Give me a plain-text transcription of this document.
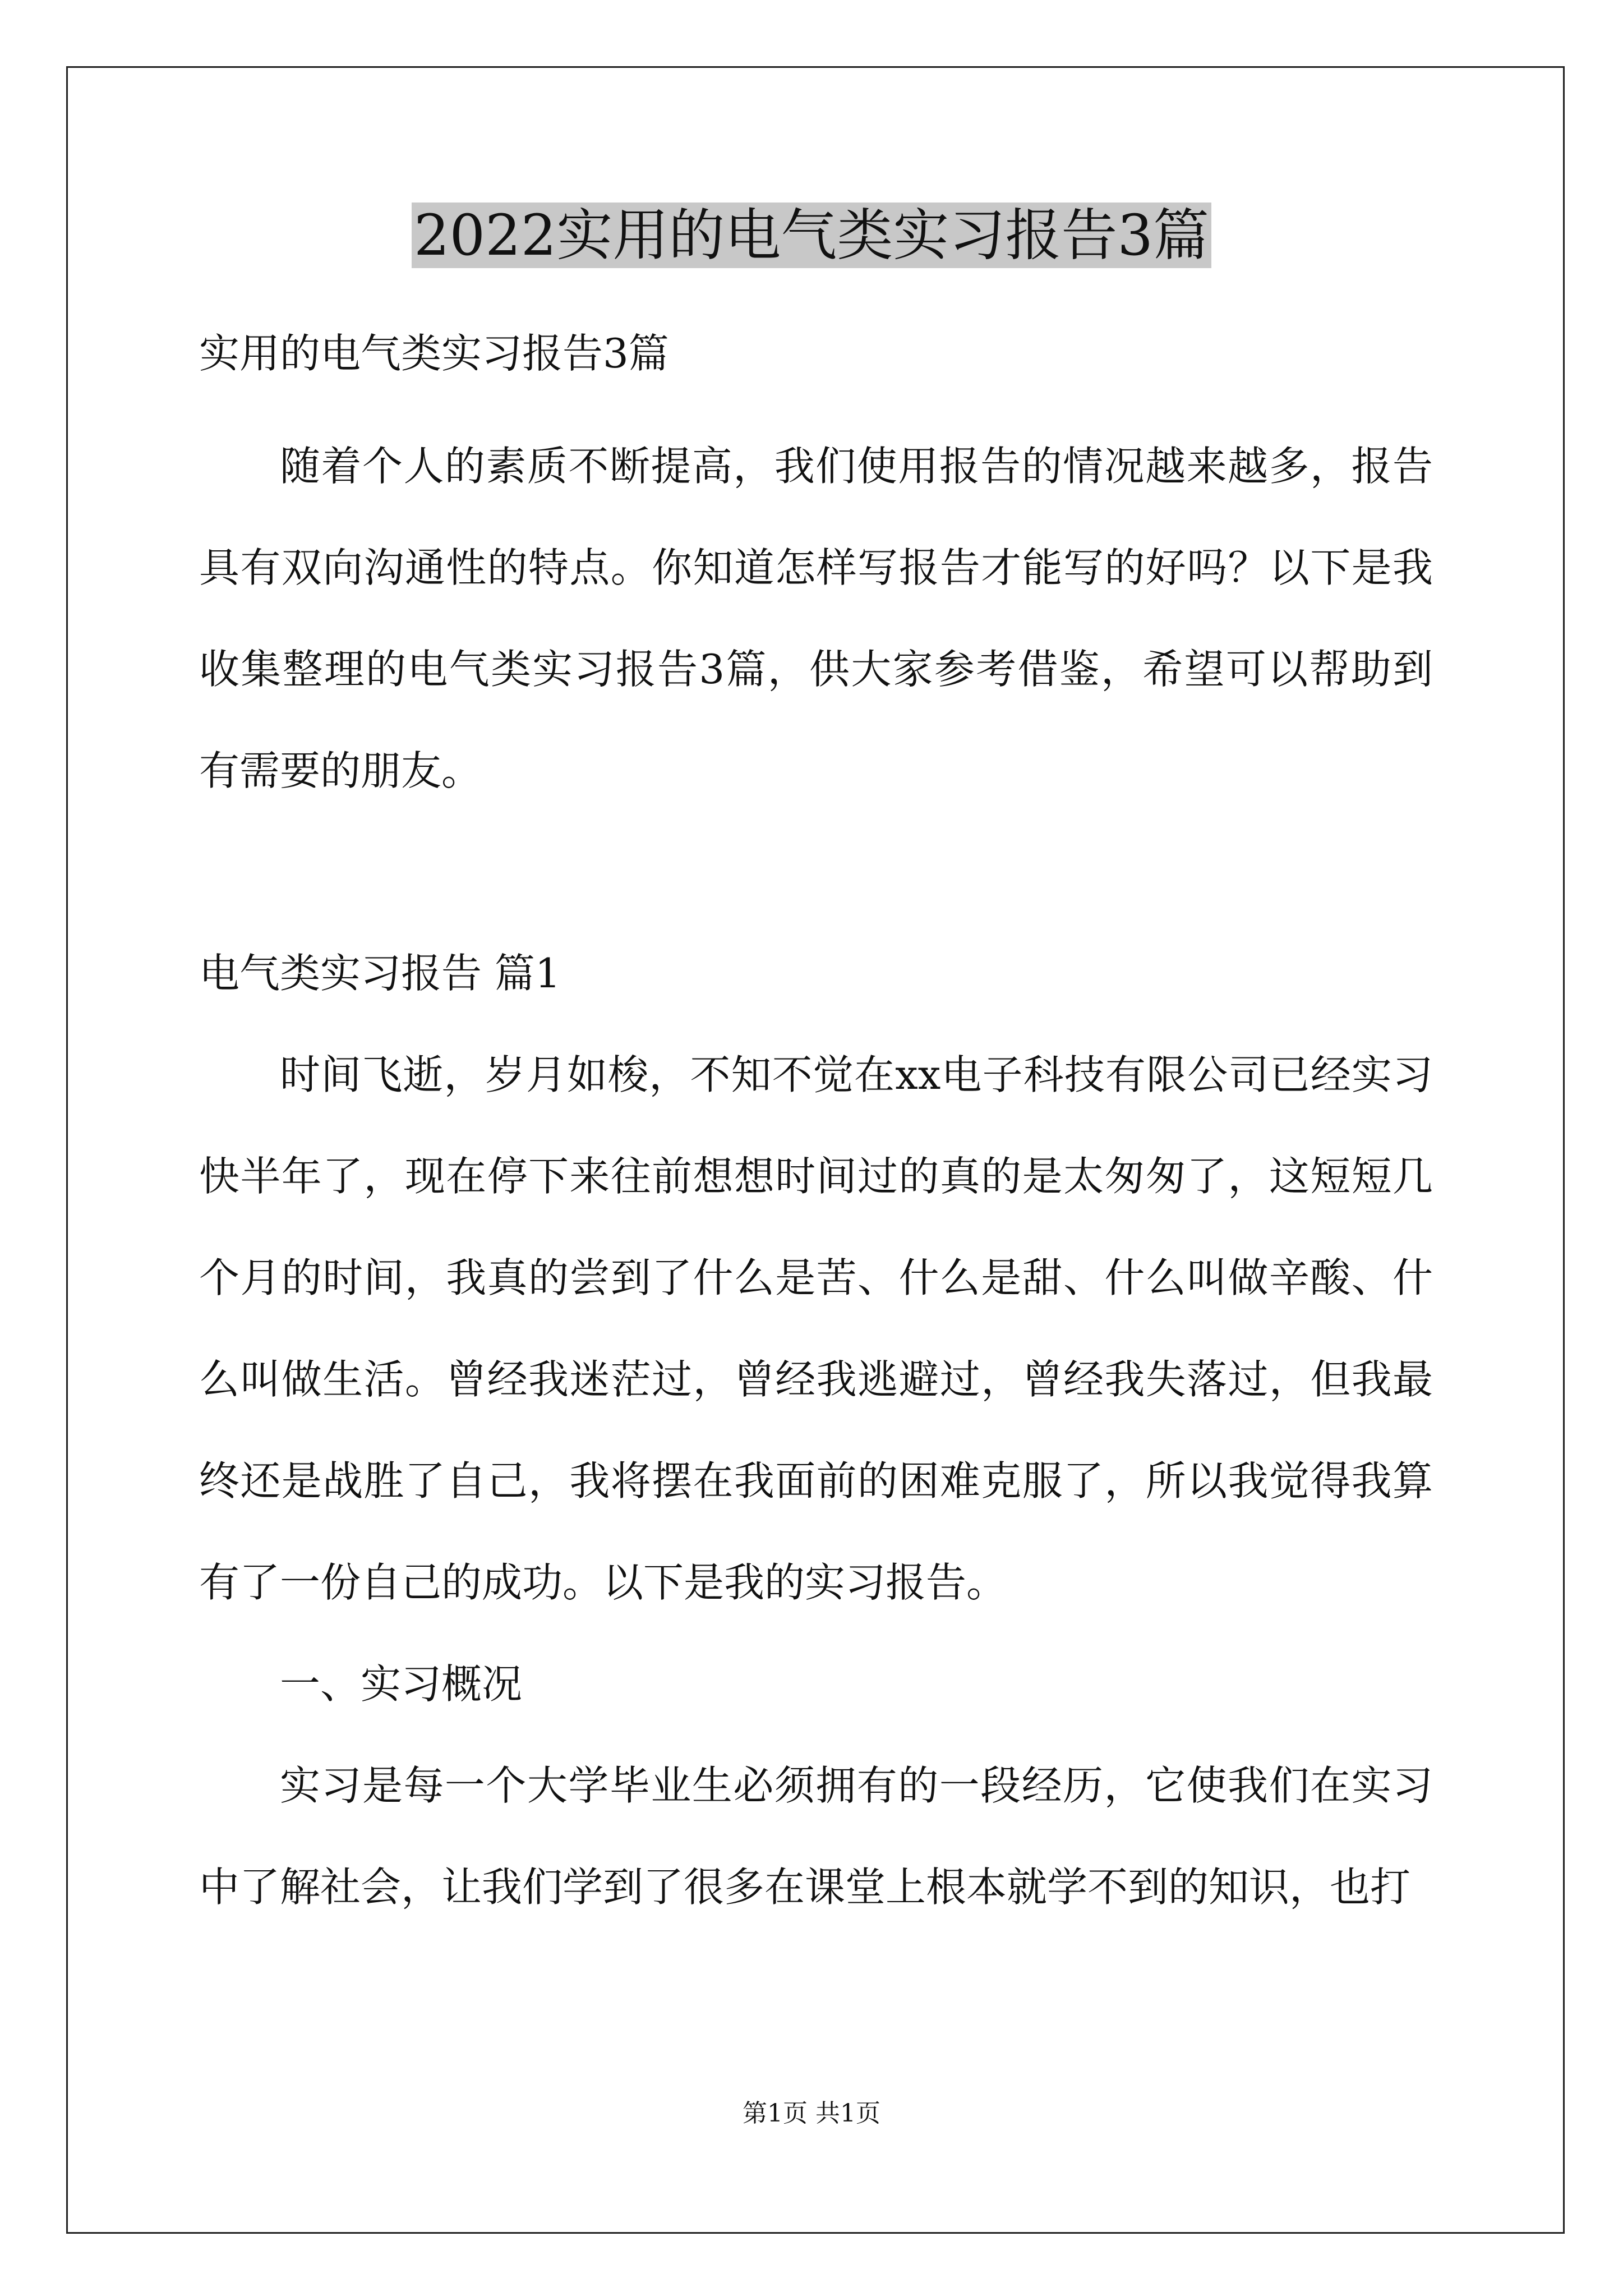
2022实用的电气类实习报告3篇

实用的电气类实习报告3篇

随着个人的素质不断提高，我们使用报告的情况越来越多，报告具有双向沟通性的特点。你知道怎样写报告才能写的好吗？以下是我收集整理的电气类实习报告3篇，供大家参考借鉴，希望可以帮助到有需要的朋友。

电气类实习报告 篇1

时间飞逝，岁月如梭，不知不觉在xx电子科技有限公司已经实习快半年了，现在停下来往前想想时间过的真的是太匆匆了，这短短几个月的时间，我真的尝到了什么是苦、什么是甜、什么叫做辛酸、什么叫做生活。曾经我迷茫过，曾经我逃避过，曾经我失落过，但我最终还是战胜了自己，我将摆在我面前的困难克服了，所以我觉得我算有了一份自己的成功。以下是我的实习报告。

一、实习概况

实习是每一个大学毕业生必须拥有的一段经历，它使我们在实习中了解社会，让我们学到了很多在课堂上根本就学不到的知识，也打

第1页 共1页
